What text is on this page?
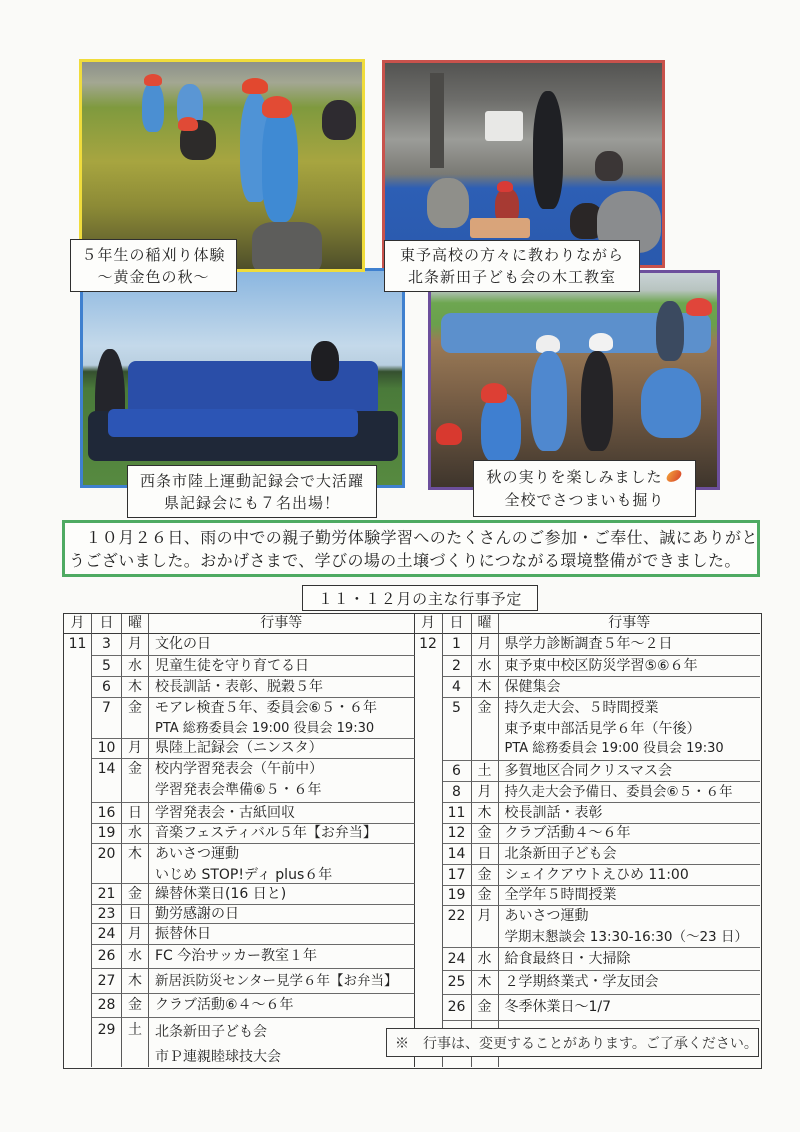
５年生の稲刈り体験
～黄金色の秋～
東予高校の方々に教わりながら
北条新田子ども会の木工教室
西条市陸上運動記録会で大活躍
県記録会にも７名出場！
秋の実りを楽しみました
全校でさつまいも掘り
　１０月２６日、雨の中での親子勤労体験学習へのたくさんのご参加・ご奉仕、誠にありがと
うございました。おかげさまで、学びの場の土壌づくりにつながる環境整備ができました。
１１・１２月の主な行事予定
月	日	曜	行事等
11	3	月 文化の日
5	水 児童生徒を守り育てる日
6	木 校長訓話・表彰、脱穀５年
7	金 モアレ検査５年、委員会⑥５・６年
PTA 総務委員会 19:00 役員会 19:30
10 月 県陸上記録会（ニンスタ）
14 金 校内学習発表会（午前中）
学習発表会準備⑥５・６年
16 日 学習発表会・古紙回収
19 水 音楽フェスティバル５年【お弁当】
20 木 あいさつ運動
いじめ STOP!ディ plus６年
21 金 繰替休業日(16 日と)
23 日 勤労感謝の日
24 月 振替休日
26 水 FC 今治サッカー教室１年
27 木 新居浜防災センター見学６年【お弁当】
28 金 クラブ活動⑥４～６年
29 土 北条新田子ども会
市Ｐ連親睦球技大会
月	日	曜	行事等
12	1	月 県学力診断調査５年～２日
2	水 東予東中校区防災学習⑤⑥６年
4	木 保健集会
5	金 持久走大会、５時間授業
東予東中部活見学６年（午後）
PTA 総務委員会 19:00 役員会 19:30
6	土 多賀地区合同クリスマス会
8	月 持久走大会予備日、委員会⑥５・６年
11 木 校長訓話・表彰
12 金 クラブ活動４～６年
14 日 北条新田子ども会
17 金 シェイクアウトえひめ 11:00
19 金 全学年５時間授業
22 月 あいさつ運動
学期末懇談会 13:30-16:30（～23 日）
24 水 給食最終日・大掃除
25 木 ２学期終業式・学友団会
26 金 冬季休業日～1/7
※　行事は、変更することがあります。ご了承ください。
